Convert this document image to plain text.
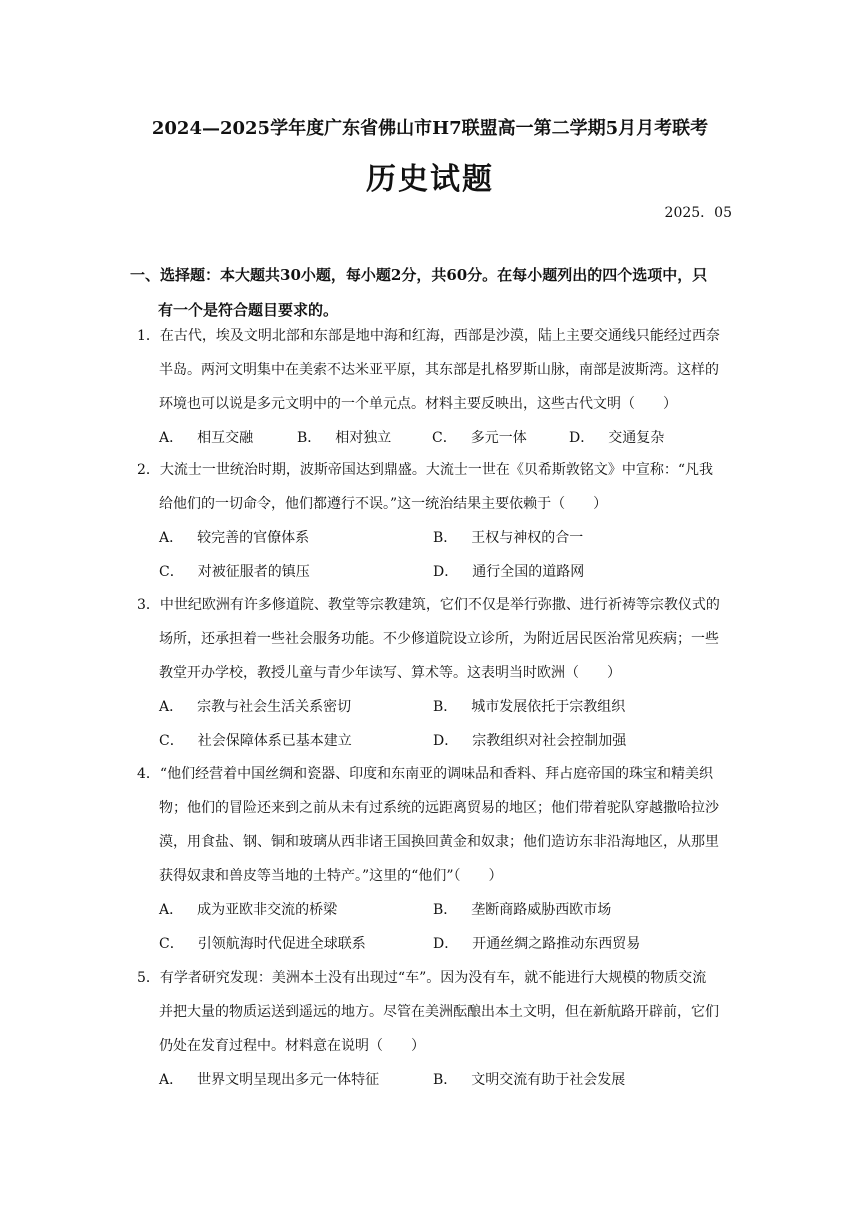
2024—2025学年度广东省佛山市H7联盟高一第二学期5月月考联考
历史试题
2025．05
一、选择题：本大题共30小题，每小题2分，共60分。在每小题列出的四个选项中，只
有一个是符合题目要求的。
1．在古代，埃及文明北部和东部是地中海和红海，西部是沙漠，陆上主要交通线只能经过西奈
半岛。两河文明集中在美索不达米亚平原，其东部是扎格罗斯山脉，南部是波斯湾。这样的
环境也可以说是多元文明中的一个单元点。材料主要反映出，这些古代文明（　　）
A． 相互交融	B． 相对独立	C． 多元一体	D． 交通复杂
2．大流士一世统治时期，波斯帝国达到鼎盛。大流士一世在《贝希斯敦铭文》中宣称：“凡我
给他们的一切命令，他们都遵行不误。”这一统治结果主要依赖于（　　）
A． 较完善的官僚体系	B． 王权与神权的合一
C． 对被征服者的镇压	D． 通行全国的道路网
3．中世纪欧洲有许多修道院、教堂等宗教建筑，它们不仅是举行弥撒、进行祈祷等宗教仪式的
场所，还承担着一些社会服务功能。不少修道院设立诊所，为附近居民医治常见疾病；一些
教堂开办学校，教授儿童与青少年读写、算术等。这表明当时欧洲（　　）
A． 宗教与社会生活关系密切	B． 城市发展依托于宗教组织
C． 社会保障体系已基本建立	D． 宗教组织对社会控制加强
4．“他们经营着中国丝绸和瓷器、印度和东南亚的调味品和香料、拜占庭帝国的珠宝和精美织
物；他们的冒险还来到之前从未有过系统的远距离贸易的地区；他们带着驼队穿越撒哈拉沙
漠，用食盐、钢、铜和玻璃从西非诸王国换回黄金和奴隶；他们造访东非沿海地区，从那里
获得奴隶和兽皮等当地的土特产。”这里的“他们”（　　）
A． 成为亚欧非交流的桥梁	B． 垄断商路威胁西欧市场
C． 引领航海时代促进全球联系	D． 开通丝绸之路推动东西贸易
5．有学者研究发现：美洲本土没有出现过“车”。因为没有车，就不能进行大规模的物质交流
并把大量的物质运送到遥远的地方。尽管在美洲酝酿出本土文明，但在新航路开辟前，它们
仍处在发育过程中。材料意在说明（　　）
A． 世界文明呈现出多元一体特征	B． 文明交流有助于社会发展
